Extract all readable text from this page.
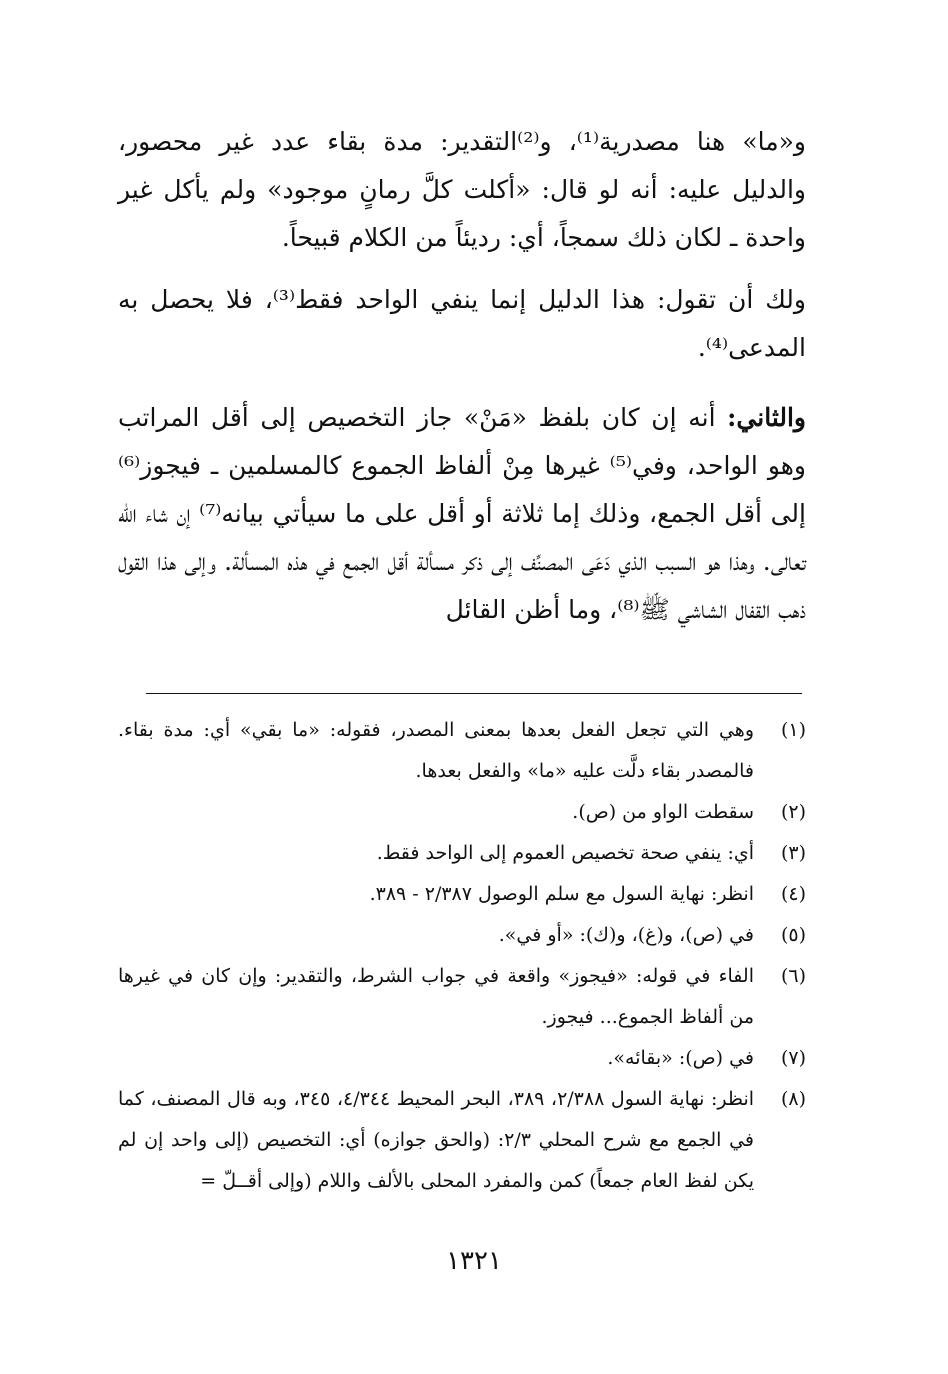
و«ما» هنا مصدرية⁽¹⁾، و⁽²⁾التقدير: مدة بقاء عدد غير محصور، والدليل عليه: أنه لو قال: «أكلت كلَّ رمانٍ موجود» ولم يأكل غير واحدة ـ لكان ذلك سمجاً، أي: رديئاً من الكلام قبيحاً.

ولك أن تقول: هذا الدليل إنما ينفي الواحد فقط⁽³⁾، فلا يحصل به المدعى⁽⁴⁾.

والثاني: أنه إن كان بلفظ «مَنْ» جاز التخصيص إلى أقل المراتب وهو الواحد، وفي⁽⁵⁾ غيرها مِنْ ألفاظ الجموع كالمسلمين ـ فيجوز⁽⁶⁾ إلى أقل الجمع، وذلك إما ثلاثة أو أقل على ما سيأتي بيانه⁽⁷⁾ إن شاء الله تعالى. وهذا هو السبب الذي دَعَى المصنِّف إلى ذكر مسألة أقل الجمع في هذه المسألة. وإلى هذا القول ذهب القفال الشاشي ﷺ⁽⁸⁾، وما أظن القائل

(١)
وهي التي تجعل الفعل بعدها بمعنى المصدر، فقوله: «ما بقي» أي: مدة بقاء. فالمصدر بقاء دلَّت عليه «ما» والفعل بعدها.
(٢)
سقطت الواو من (ص).
(٣)
أي: ينفي صحة تخصيص العموم إلى الواحد فقط.
(٤)
انظر: نهاية السول مع سلم الوصول ٢/٣٨٧ - ٣٨٩.
(٥)
في (ص)، و(غ)، و(ك): «أو في».
(٦)
الفاء في قوله: «فيجوز» واقعة في جواب الشرط، والتقدير: وإن كان في غيرها من ألفاظ الجموع... فيجوز.
(٧)
في (ص): «بقائه».
(٨)
انظر: نهاية السول ٢/٣٨٨، ٣٨٩، البحر المحيط ٤/٣٤٤، ٣٤٥، وبه قال المصنف، كما في الجمع مع شرح المحلي ٢/٣: (والحق جوازه) أي: التخصيص (إلى واحد إن لم يكن لفظ العام جمعاً) كمن والمفرد المحلى بالألف واللام (وإلى أقــلّ =
١٣٢١
